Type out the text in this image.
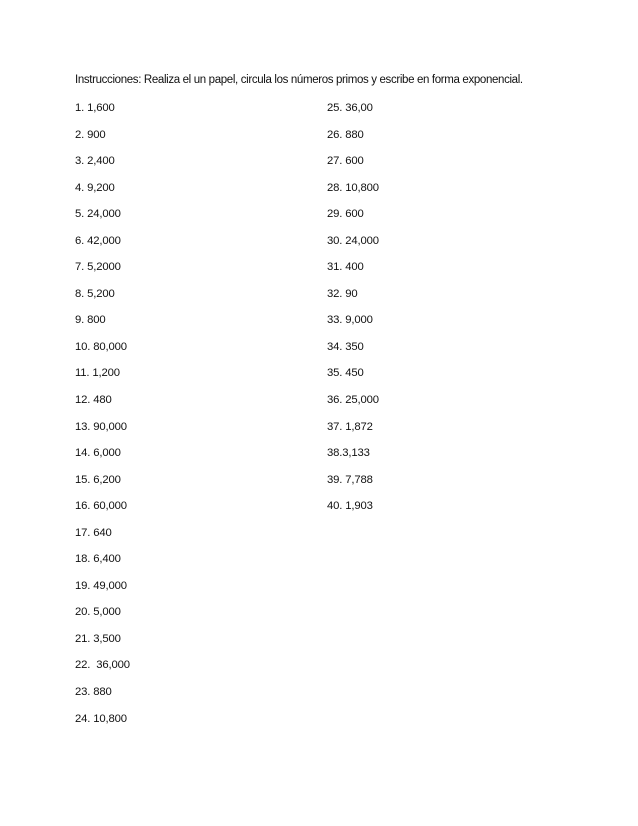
Instrucciones: Realiza el un papel, circula los números primos y escribe en forma exponencial.
1. 1,600
2. 900
3. 2,400
4. 9,200
5. 24,000
6. 42,000
7. 5,2000
8. 5,200
9. 800
10. 80,000
11. 1,200
12. 480
13. 90,000
14. 6,000
15. 6,200
16. 60,000
17. 640
18. 6,400
19. 49,000
20. 5,000
21. 3,500
22.  36,000
23. 880
24. 10,800
25. 36,00
26. 880
27. 600
28. 10,800
29. 600
30. 24,000
31. 400
32. 90
33. 9,000
34. 350
35. 450
36. 25,000
37. 1,872
38.3,133
39. 7,788
40. 1,903
